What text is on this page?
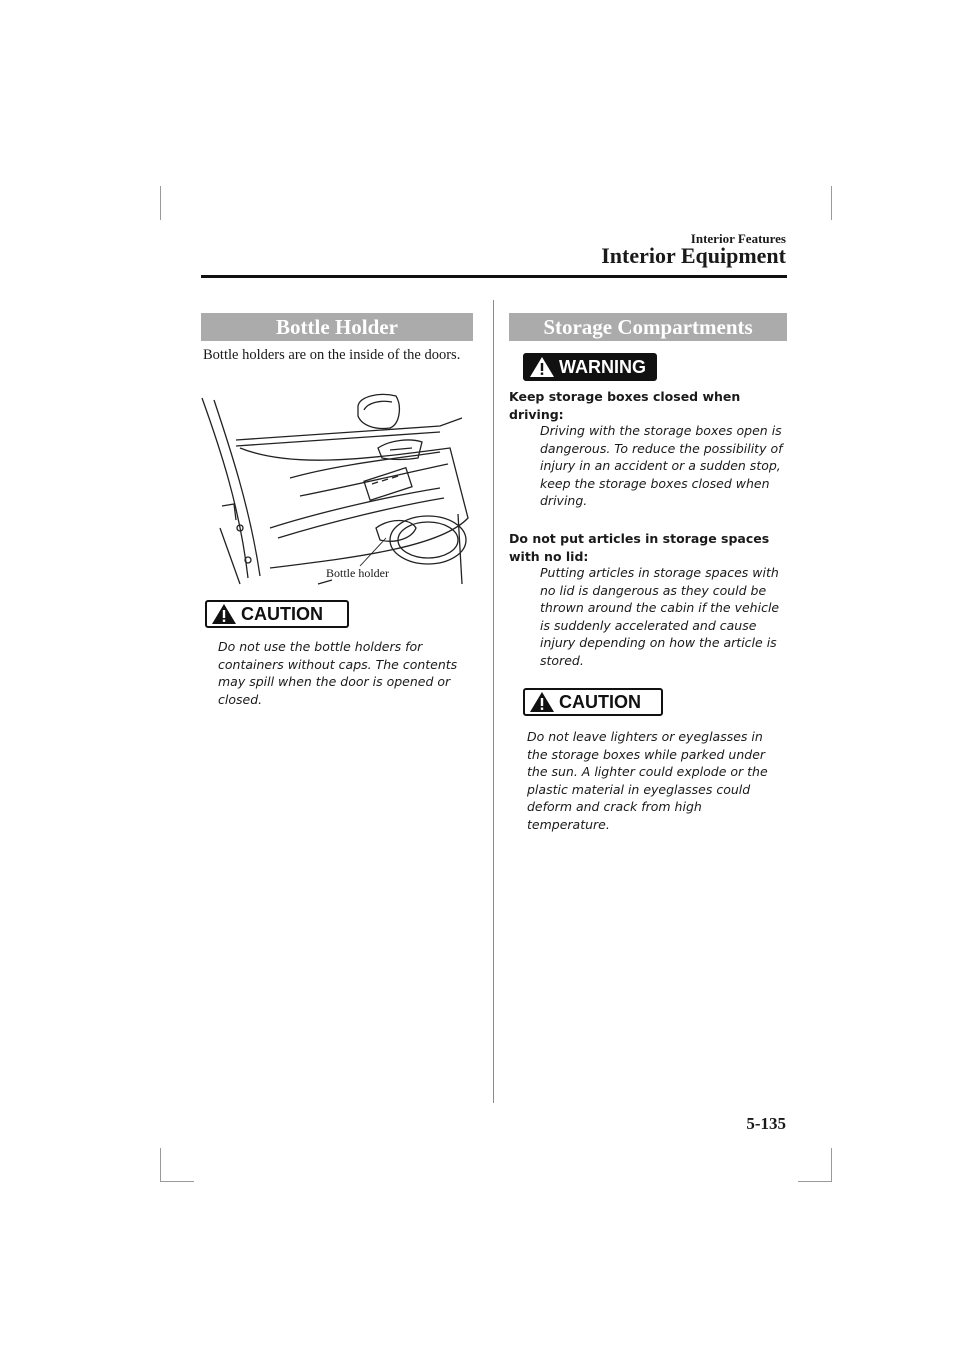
Interior Features
Interior Equipment
Bottle Holder
Bottle holders are on the inside of the doors.
Bottle holder
CAUTION
Do not use the bottle holders for containers without caps. The contents may spill when the door is opened or closed.
Storage Compartments
WARNING
Keep storage boxes closed when driving:
Driving with the storage boxes open is dangerous. To reduce the possibility of injury in an accident or a sudden stop, keep the storage boxes closed when driving.
Do not put articles in storage spaces with no lid:
Putting articles in storage spaces with no lid is dangerous as they could be thrown around the cabin if the vehicle is suddenly accelerated and cause injury depending on how the article is stored.
CAUTION
Do not leave lighters or eyeglasses in the storage boxes while parked under the sun. A lighter could explode or the plastic material in eyeglasses could deform and crack from high temperature.
5-135
